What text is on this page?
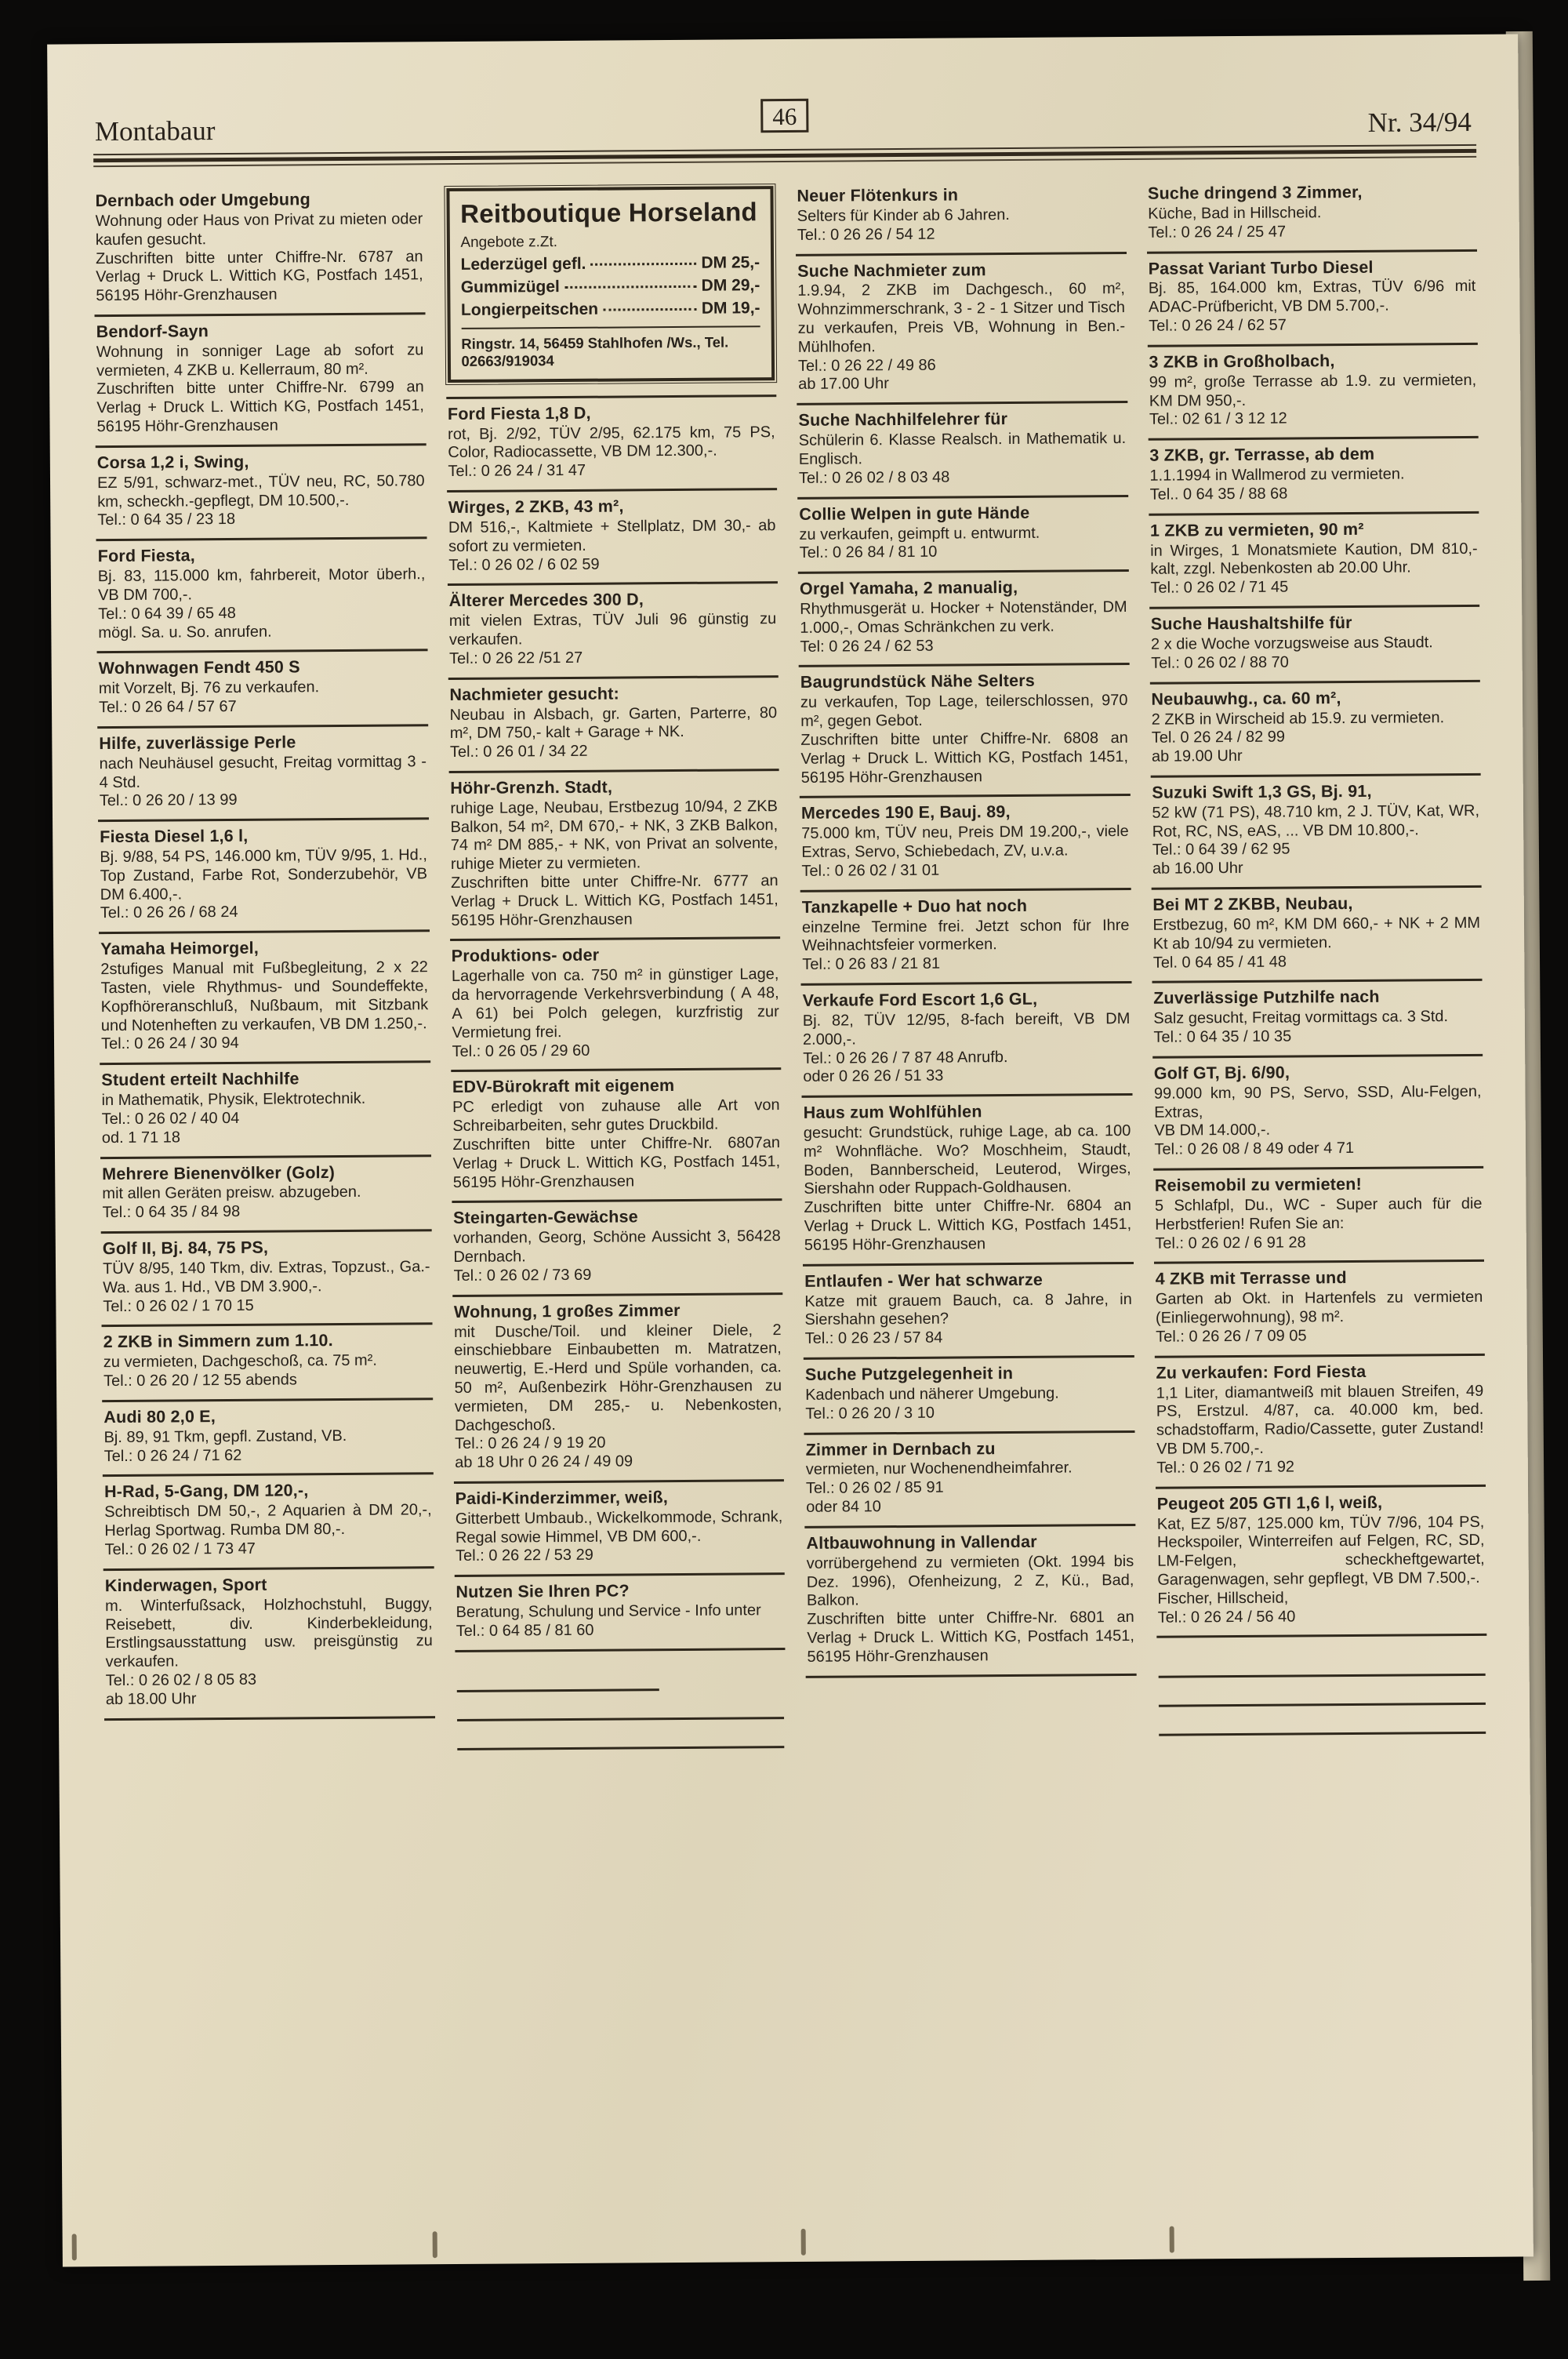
Montabaur	46	Nr. 34/94
Dernbach oder Umgebung
Wohnung oder Haus von Privat zu mieten oder kaufen gesucht.
Zuschriften bitte unter Chiffre-Nr. 6787 an Verlag + Druck L. Wittich KG, Postfach 1451, 56195 Höhr-Grenzhausen
Bendorf-Sayn
Wohnung in sonniger Lage ab sofort zu vermieten, 4 ZKB u. Kellerraum, 80 m².
Zuschriften bitte unter Chiffre-Nr. 6799 an Verlag + Druck L. Wittich KG, Postfach 1451, 56195 Höhr-Grenzhausen
Corsa 1,2 i, Swing,
EZ 5/91, schwarz-met., TÜV neu, RC, 50.780 km, scheckh.-gepflegt, DM 10.500,-.
Tel.: 0 64 35 / 23 18
Ford Fiesta,
Bj. 83, 115.000 km, fahrbereit, Motor überh., VB DM 700,-.
Tel.: 0 64 39 / 65 48
mögl. Sa. u. So. anrufen.
Wohnwagen Fendt 450 S
mit Vorzelt, Bj. 76 zu verkaufen.
Tel.: 0 26 64 / 57 67
Hilfe, zuverlässige Perle
nach Neuhäusel gesucht, Freitag vormittag 3 - 4 Std.
Tel.: 0 26 20 / 13 99
Fiesta Diesel 1,6 l,
Bj. 9/88, 54 PS, 146.000 km, TÜV 9/95, 1. Hd., Top Zustand, Farbe Rot, Sonderzubehör, VB DM 6.400,-.
Tel.: 0 26 26 / 68 24
Yamaha Heimorgel,
2stufiges Manual mit Fußbegleitung, 2 x 22 Tasten, viele Rhythmus- und Soundeffekte, Kopfhöreranschluß, Nußbaum, mit Sitzbank und Notenheften zu verkaufen, VB DM 1.250,-.
Tel.: 0 26 24 / 30 94
Student erteilt Nachhilfe
in Mathematik, Physik, Elektrotechnik.
Tel.: 0 26 02 / 40 04
od. 1 71 18
Mehrere Bienenvölker (Golz)
mit allen Geräten preisw. abzugeben.
Tel.: 0 64 35 / 84 98
Golf II, Bj. 84, 75 PS,
TÜV 8/95, 140 Tkm, div. Extras, Topzust., Ga.-Wa. aus 1. Hd., VB DM 3.900,-.
Tel.: 0 26 02 / 1 70 15
2 ZKB in Simmern zum 1.10.
zu vermieten, Dachgeschoß, ca. 75 m².
Tel.: 0 26 20 / 12 55 abends
Audi 80 2,0 E,
Bj. 89, 91 Tkm, gepfl. Zustand, VB.
Tel.: 0 26 24 / 71 62
H-Rad, 5-Gang, DM 120,-,
Schreibtisch DM 50,-, 2 Aquarien à DM 20,-, Herlag Sportwag. Rumba DM 80,-.
Tel.: 0 26 02 / 1 73 47
Kinderwagen, Sport
m. Winterfußsack, Holzhochstuhl, Buggy, Reisebett, div. Kinderbekleidung, Erstlingsausstattung usw. preisgünstig zu verkaufen.
Tel.: 0 26 02 / 8 05 83
ab 18.00 Uhr
Reitboutique Horseland
Angebote z.Zt.
Lederzügel gefl.	DM 25,-
Gummizügel	DM 29,-
Longierpeitschen	DM 19,-
Ringstr. 14, 56459 Stahlhofen /Ws., Tel. 02663/919034
Ford Fiesta 1,8 D,
rot, Bj. 2/92, TÜV 2/95, 62.175 km, 75 PS, Color, Radiocassette, VB DM 12.300,-.
Tel.: 0 26 24 / 31 47
Wirges, 2 ZKB, 43 m²,
DM 516,-, Kaltmiete + Stellplatz, DM 30,- ab sofort zu vermieten.
Tel.: 0 26 02 / 6 02 59
Älterer Mercedes 300 D,
mit vielen Extras, TÜV Juli 96 günstig zu verkaufen.
Tel.: 0 26 22 /51 27
Nachmieter gesucht:
Neubau in Alsbach, gr. Garten, Parterre, 80 m², DM 750,- kalt + Garage + NK.
Tel.: 0 26 01 / 34 22
Höhr-Grenzh. Stadt,
ruhige Lage, Neubau, Erstbezug 10/94, 2 ZKB Balkon, 54 m², DM 670,- + NK, 3 ZKB Balkon, 74 m² DM 885,- + NK, von Privat an solvente, ruhige Mieter zu vermieten.
Zuschriften bitte unter Chiffre-Nr. 6777 an Verlag + Druck L. Wittich KG, Postfach 1451, 56195 Höhr-Grenzhausen
Produktions- oder
Lagerhalle von ca. 750 m² in günstiger Lage, da hervorragende Verkehrsverbindung ( A 48, A 61) bei Polch gelegen, kurzfristig zur Vermietung frei.
Tel.: 0 26 05 / 29 60
EDV-Bürokraft mit eigenem
PC erledigt von zuhause alle Art von Schreibarbeiten, sehr gutes Druckbild.
Zuschriften bitte unter Chiffre-Nr. 6807an Verlag + Druck L. Wittich KG, Postfach 1451, 56195 Höhr-Grenzhausen
Steingarten-Gewächse
vorhanden, Georg, Schöne Aussicht 3, 56428 Dernbach.
Tel.: 0 26 02 / 73 69
Wohnung, 1 großes Zimmer
mit Dusche/Toil. und kleiner Diele, 2 einschiebbare Einbaubetten m. Matratzen, neuwertig, E.-Herd und Spüle vorhanden, ca. 50 m², Außenbezirk Höhr-Grenzhausen zu vermieten, DM 285,- u. Nebenkosten, Dachgeschoß.
Tel.: 0 26 24 / 9 19 20
ab 18 Uhr 0 26 24 / 49 09
Paidi-Kinderzimmer, weiß,
Gitterbett Umbaub., Wickelkommode, Schrank, Regal sowie Himmel, VB DM 600,-.
Tel.: 0 26 22 / 53 29
Nutzen Sie Ihren PC?
Beratung, Schulung und Service - Info unter
Tel.: 0 64 85 / 81 60
Neuer Flötenkurs in
Selters für Kinder ab 6 Jahren.
Tel.: 0 26 26 / 54 12
Suche Nachmieter zum
1.9.94, 2 ZKB im Dachgesch., 60 m², Wohnzimmerschrank, 3 - 2 - 1 Sitzer und Tisch zu verkaufen, Preis VB, Wohnung in Ben.-Mühlhofen.
Tel.: 0 26 22 / 49 86
ab 17.00 Uhr
Suche Nachhilfelehrer für
Schülerin 6. Klasse Realsch. in Mathematik u. Englisch.
Tel.: 0 26 02 / 8 03 48
Collie Welpen in gute Hände
zu verkaufen, geimpft u. entwurmt.
Tel.: 0 26 84 / 81 10
Orgel Yamaha, 2 manualig,
Rhythmusgerät u. Hocker + Notenständer, DM 1.000,-, Omas Schränkchen zu verk.
Tel: 0 26 24 / 62 53
Baugrundstück Nähe Selters
zu verkaufen, Top Lage, teilerschlossen, 970 m², gegen Gebot.
Zuschriften bitte unter Chiffre-Nr. 6808 an Verlag + Druck L. Wittich KG, Postfach 1451, 56195 Höhr-Grenzhausen
Mercedes 190 E, Bauj. 89,
75.000 km, TÜV neu, Preis DM 19.200,-, viele Extras, Servo, Schiebedach, ZV, u.v.a.
Tel.: 0 26 02 / 31 01
Tanzkapelle + Duo hat noch
einzelne Termine frei. Jetzt schon für Ihre Weihnachtsfeier vormerken.
Tel.: 0 26 83 / 21 81
Verkaufe Ford Escort 1,6 GL,
Bj. 82, TÜV 12/95, 8-fach bereift, VB DM 2.000,-.
Tel.: 0 26 26 / 7 87 48 Anrufb.
oder 0 26 26 / 51 33
Haus zum Wohlfühlen
gesucht: Grundstück, ruhige Lage, ab ca. 100 m² Wohnfläche. Wo? Moschheim, Staudt, Boden, Bannberscheid, Leuterod, Wirges, Siershahn oder Ruppach-Goldhausen.
Zuschriften bitte unter Chiffre-Nr. 6804 an Verlag + Druck L. Wittich KG, Postfach 1451, 56195 Höhr-Grenzhausen
Entlaufen - Wer hat schwarze
Katze mit grauem Bauch, ca. 8 Jahre, in Siershahn gesehen?
Tel.: 0 26 23 / 57 84
Suche Putzgelegenheit in
Kadenbach und näherer Umgebung.
Tel.: 0 26 20 / 3 10
Zimmer in Dernbach zu
vermieten, nur Wochenendheimfahrer.
Tel.: 0 26 02 / 85 91
oder 84 10
Altbauwohnung in Vallendar
vorrübergehend zu vermieten (Okt. 1994 bis Dez. 1996), Ofenheizung, 2 Z, Kü., Bad, Balkon.
Zuschriften bitte unter Chiffre-Nr. 6801 an Verlag + Druck L. Wittich KG, Postfach 1451, 56195 Höhr-Grenzhausen
Suche dringend 3 Zimmer,
Küche, Bad in Hillscheid.
Tel.: 0 26 24 / 25 47
Passat Variant Turbo Diesel
Bj. 85, 164.000 km, Extras, TÜV 6/96 mit ADAC-Prüfbericht, VB DM 5.700,-.
Tel.: 0 26 24 / 62 57
3 ZKB in Großholbach,
99 m², große Terrasse ab 1.9. zu vermieten, KM DM 950,-.
Tel.: 02 61 / 3 12 12
3 ZKB, gr. Terrasse, ab dem
1.1.1994 in Wallmerod zu vermieten.
Tel.. 0 64 35 / 88 68
1 ZKB zu vermieten, 90 m²
in Wirges, 1 Monatsmiete Kaution, DM 810,- kalt, zzgl. Nebenkosten ab 20.00 Uhr.
Tel.: 0 26 02 / 71 45
Suche Haushaltshilfe für
2 x die Woche vorzugsweise aus Staudt.
Tel.: 0 26 02 / 88 70
Neubauwhg., ca. 60 m²,
2 ZKB in Wirscheid ab 15.9. zu vermieten.
Tel. 0 26 24 / 82 99
ab 19.00 Uhr
Suzuki Swift 1,3 GS, Bj. 91,
52 kW (71 PS), 48.710 km, 2 J. TÜV, Kat, WR, Rot, RC, NS, eAS, ... VB DM 10.800,-.
Tel.: 0 64 39 / 62 95
ab 16.00 Uhr
Bei MT 2 ZKBB, Neubau,
Erstbezug, 60 m², KM DM 660,- + NK + 2 MM Kt ab 10/94 zu vermieten.
Tel. 0 64 85 / 41 48
Zuverlässige Putzhilfe nach
Salz gesucht, Freitag vormittags ca. 3 Std.
Tel.: 0 64 35 / 10 35
Golf GT, Bj. 6/90,
99.000 km, 90 PS, Servo, SSD, Alu-Felgen, Extras,
VB DM 14.000,-.
Tel.: 0 26 08 / 8 49 oder 4 71
Reisemobil zu vermieten!
5 Schlafpl, Du., WC - Super auch für die Herbstferien! Rufen Sie an:
Tel.: 0 26 02 / 6 91 28
4 ZKB mit Terrasse und
Garten ab Okt. in Hartenfels zu vermieten (Einliegerwohnung), 98 m².
Tel.: 0 26 26 / 7 09 05
Zu verkaufen: Ford Fiesta
1,1 Liter, diamantweiß mit blauen Streifen, 49 PS, Erstzul. 4/87, ca. 40.000 km, bed. schadstoffarm, Radio/Cassette, guter Zustand! VB DM 5.700,-.
Tel.: 0 26 02 / 71 92
Peugeot 205 GTI 1,6 l, weiß,
Kat, EZ 5/87, 125.000 km, TÜV 7/96, 104 PS, Heckspoiler, Winterreifen auf Felgen, RC, SD, LM-Felgen, scheckheftgewartet, Garagenwagen, sehr gepflegt, VB DM 7.500,-.
Fischer, Hillscheid,
Tel.: 0 26 24 / 56 40
